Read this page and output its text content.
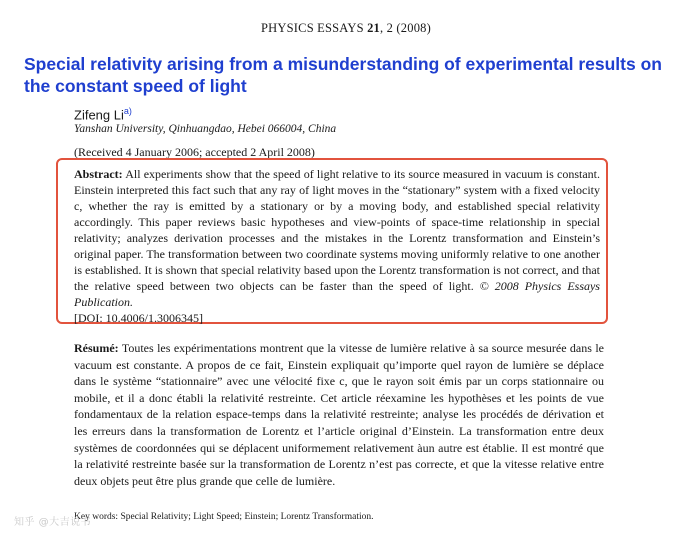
PHYSICS ESSAYS 21, 2 (2008)
Special relativity arising from a misunderstanding of experimental results on the constant speed of light
Zifeng Li$^{a)}$
Yanshan University, Qinhuangdao, Hebei 066004, China
(Received 4 January 2006; accepted 2 April 2008)
Abstract: All experiments show that the speed of light relative to its source measured in vacuum is constant. Einstein interpreted this fact such that any ray of light moves in the “stationary” system with a fixed velocity c, whether the ray is emitted by a stationary or by a moving body, and established special relativity accordingly. This paper reviews basic hypotheses and view-points of space-time relationship in special relativity; analyzes derivation processes and the mistakes in the Lorentz transformation and Einstein’s original paper. The transformation between two coordinate systems moving uniformly relative to one another is established. It is shown that special relativity based upon the Lorentz transformation is not correct, and that the relative speed between two objects can be faster than the speed of light. © 2008 Physics Essays Publication.
[DOI: 10.4006/1.3006345]
Résumé: Toutes les expérimentations montrent que la vitesse de lumière relative à sa source mesurée dans le vacuum est constante. A propos de ce fait, Einstein expliquait qu’importe quel rayon de lumière se déplace dans le système “stationnaire” avec une vélocité fixe c, que le rayon soit émis par un corps stationnaire ou mobile, et il a donc établi la relativité restreinte. Cet article réexamine les hypothèses et les points de vue fondamentaux de la relation espace-temps dans la relativité restreinte; analyse les procédés de dérivation et les erreurs dans la transformation de Lorentz et l’article original d’Einstein. La transformation entre deux systèmes de coordonnées qui se déplacent uniformement relativement àun autre est établie. Il est montré que la relativité restreinte basée sur la transformation de Lorentz n’est pas correcte, et que la vitesse relative entre deux objets peut être plus grande que celle de lumière.
Key words: Special Relativity; Light Speed; Einstein; Lorentz Transformation.
知乎 @大吉说书
